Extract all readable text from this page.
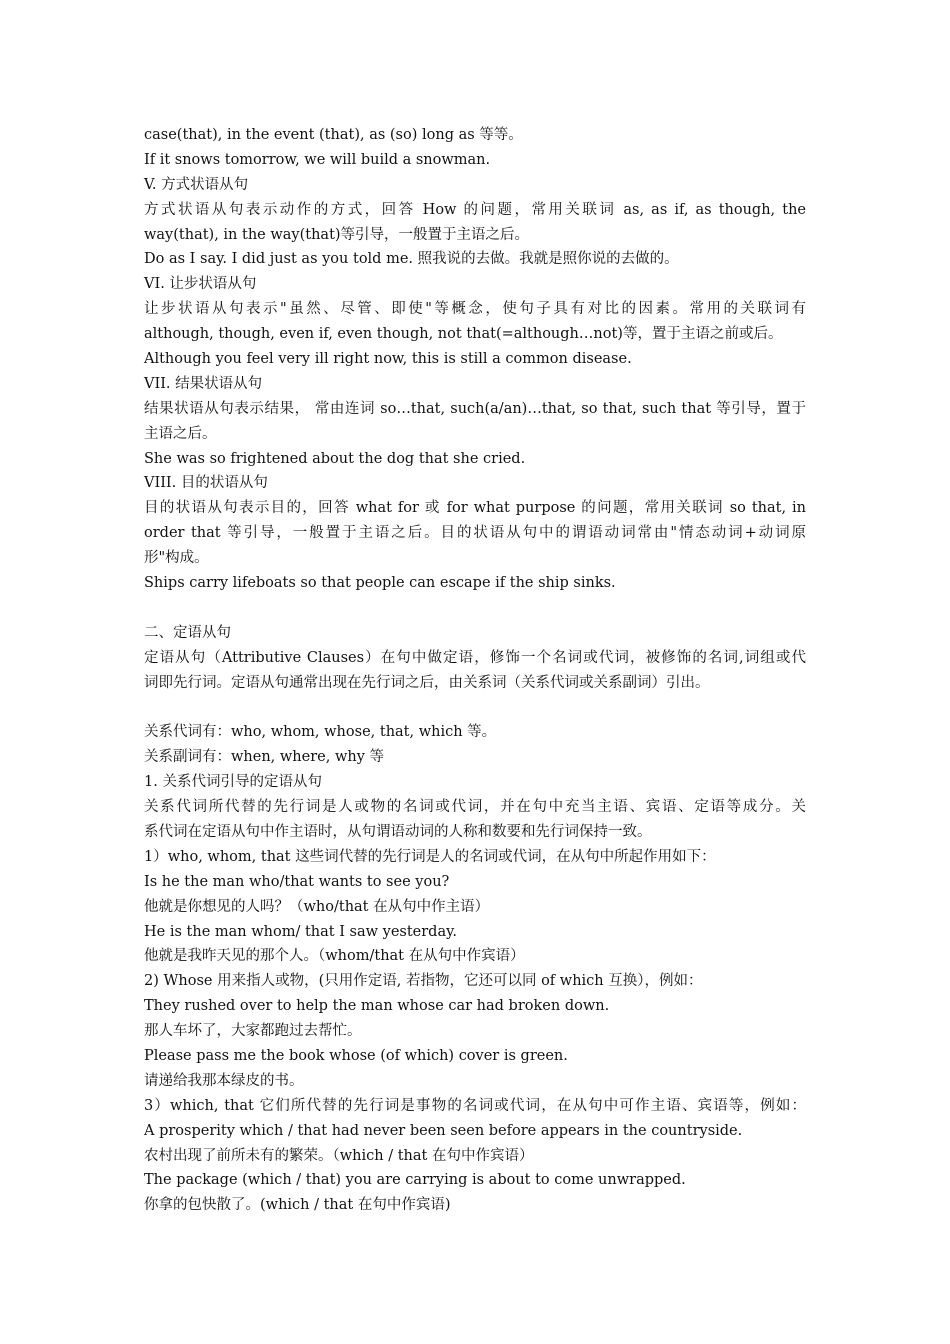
case(that), in the event (that), as (so) long as 等等。
If it snows tomorrow, we will build a snowman.
V. 方式状语从句
方式状语从句表示动作的方式，回答 How 的问题，常用关联词 as, as if, as though, the
way(that), in the way(that)等引导，一般置于主语之后。
Do as I say. I did just as you told me. 照我说的去做。我就是照你说的去做的。
VI. 让步状语从句
让步状语从句表示"虽然、尽管、即使"等概念，使句子具有对比的因素。常用的关联词有
although, though, even if, even though, not that(=although…not)等，置于主语之前或后。
Although you feel very ill right now, this is still a common disease.
VII. 结果状语从句
结果状语从句表示结果， 常由连词 so…that, such(a/an)…that, so that, such that 等引导，置于
主语之后。
She was so frightened about the dog that she cried.
VIII. 目的状语从句
目的状语从句表示目的，回答 what for 或 for what purpose 的问题，常用关联词 so that, in
order that 等引导，一般置于主语之后。目的状语从句中的谓语动词常由"情态动词+动词原
形"构成。
Ships carry lifeboats so that people can escape if the ship sinks.
二、定语从句
定语从句（Attributive Clauses）在句中做定语，修饰一个名词或代词，被修饰的名词,词组或代
词即先行词。定语从句通常出现在先行词之后，由关系词（关系代词或关系副词）引出。
关系代词有：who, whom, whose, that, which 等。
关系副词有：when, where, why 等
1. 关系代词引导的定语从句
关系代词所代替的先行词是人或物的名词或代词，并在句中充当主语、宾语、定语等成分。关
系代词在定语从句中作主语时，从句谓语动词的人称和数要和先行词保持一致。
1）who, whom, that 这些词代替的先行词是人的名词或代词，在从句中所起作用如下：
Is he the man who/that wants to see you?
他就是你想见的人吗？（who/that 在从句中作主语）
He is the man whom/ that I saw yesterday.
他就是我昨天见的那个人。（whom/that 在从句中作宾语）
2) Whose 用来指人或物，(只用作定语, 若指物，它还可以同 of which 互换），例如：
They rushed over to help the man whose car had broken down.
那人车坏了，大家都跑过去帮忙。
Please pass me the book whose (of which) cover is green.
请递给我那本绿皮的书。
3）which, that 它们所代替的先行词是事物的名词或代词，在从句中可作主语、宾语等，例如：
A prosperity which / that had never been seen before appears in the countryside.
农村出现了前所未有的繁荣。（which / that 在句中作宾语）
The package (which / that) you are carrying is about to come unwrapped.
你拿的包快散了。(which / that 在句中作宾语)
